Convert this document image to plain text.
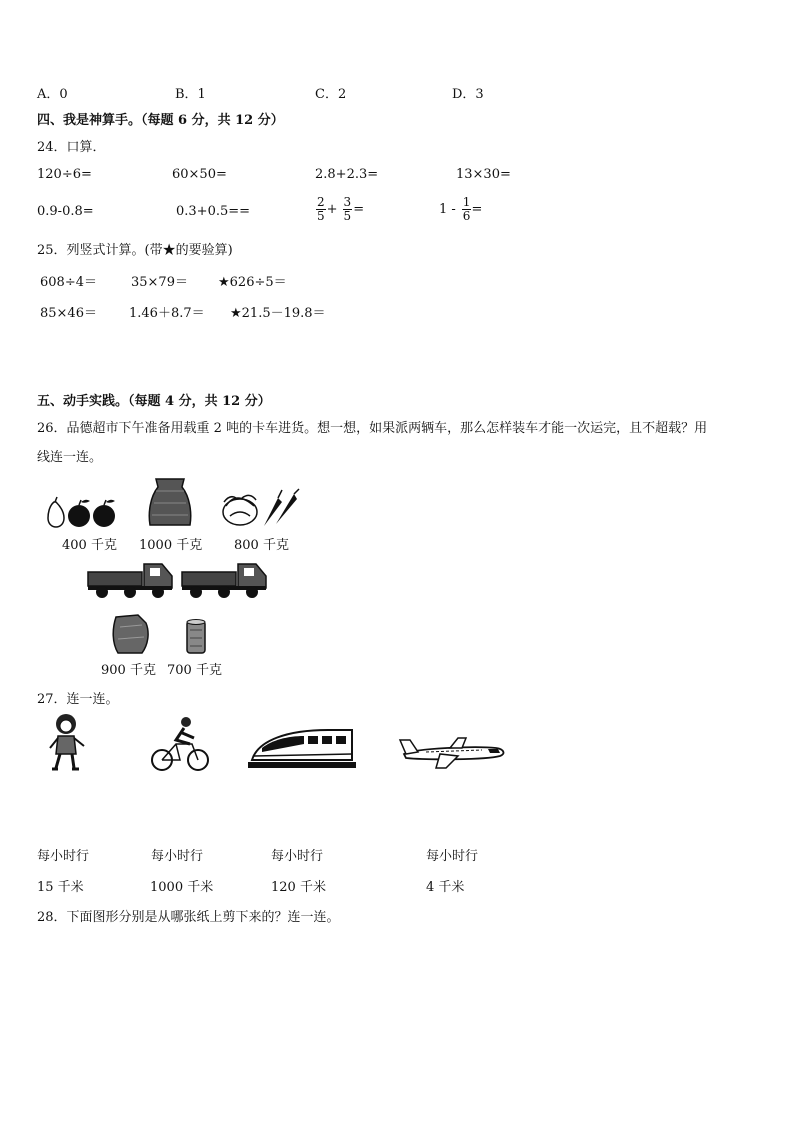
A．0	B．1	C．2	D．3
四、我是神算手。（每题 6 分，共 12 分）
24．口算．
120÷6=	60×50=	2.8+2.3=	13×30=
0.9-0.8=	0.3+0.5==	$\frac{2}{5} + \frac{3}{5}$ =	$1 - \frac{1}{6}$ =
25．列竖式计算。(带★的要验算)
608÷4＝	35×79＝ ★626÷5＝
85×46＝ 1.46＋8.7＝ ★21.5－19.8＝
五、动手实践。（每题 4 分，共 12 分）
26．品德超市下午准备用载重 2 吨的卡车进货。想一想，如果派两辆车，那么怎样装车才能一次运完，且不超载？用
线连一连。
400 千克 1000 千克 800 千克
900 千克 700 千克
27．连一连。
每小时行	每小时行	每小时行	每小时行
15 千米	1000 千米	120 千米	4 千米
28．下面图形分别是从哪张纸上剪下来的？连一连。
